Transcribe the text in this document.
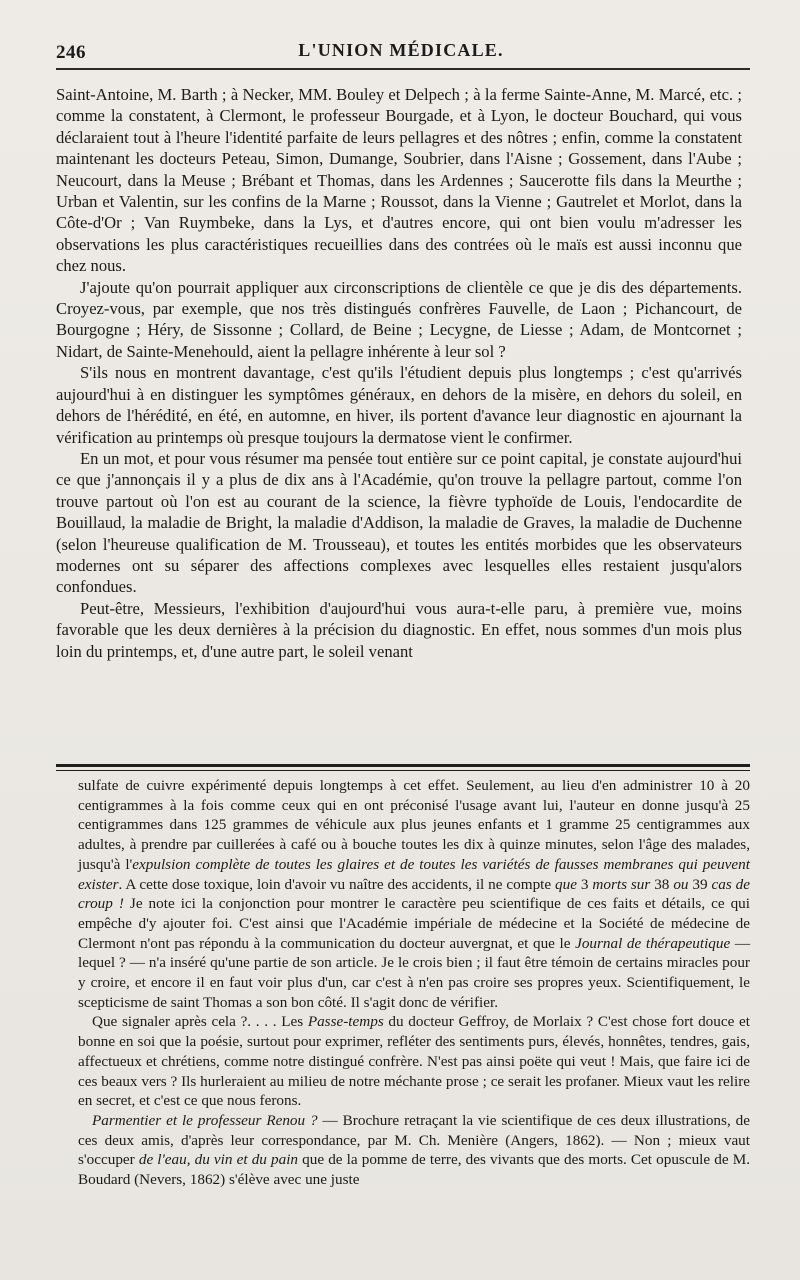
246	L'UNION MÉDICALE.

Saint-Antoine, M. Barth ; à Necker, MM. Bouley et Delpech ; à la ferme Sainte-Anne, M. Marcé, etc. ; comme la constatent, à Clermont, le professeur Bourgade, et à Lyon, le docteur Bouchard, qui vous déclaraient tout à l'heure l'identité parfaite de leurs pellagres et des nôtres ; enfin, comme la constatent maintenant les docteurs Peteau, Simon, Dumange, Soubrier, dans l'Aisne ; Gossement, dans l'Aube ; Neucourt, dans la Meuse ; Brébant et Thomas, dans les Ardennes ; Saucerotte fils dans la Meurthe ; Urban et Valentin, sur les confins de la Marne ; Roussot, dans la Vienne ; Gautrelet et Morlot, dans la Côte-d'Or ; Van Ruymbeke, dans la Lys, et d'autres encore, qui ont bien voulu m'adresser les observations les plus caractéristiques recueillies dans des contrées où le maïs est aussi inconnu que chez nous.

J'ajoute qu'on pourrait appliquer aux circonscriptions de clientèle ce que je dis des départements. Croyez-vous, par exemple, que nos très distingués confrères Fauvelle, de Laon ; Pichancourt, de Bourgogne ; Héry, de Sissonne ; Collard, de Beine ; Lecygne, de Liesse ; Adam, de Montcornet ; Nidart, de Sainte-Menehould, aient la pellagre inhérente à leur sol ?

S'ils nous en montrent davantage, c'est qu'ils l'étudient depuis plus longtemps ; c'est qu'arrivés aujourd'hui à en distinguer les symptômes généraux, en dehors de la misère, en dehors du soleil, en dehors de l'hérédité, en été, en automne, en hiver, ils portent d'avance leur diagnostic en ajournant la vérification au printemps où presque toujours la dermatose vient le confirmer.

En un mot, et pour vous résumer ma pensée tout entière sur ce point capital, je constate aujourd'hui ce que j'annonçais il y a plus de dix ans à l'Académie, qu'on trouve la pellagre partout, comme l'on trouve partout où l'on est au courant de la science, la fièvre typhoïde de Louis, l'endocardite de Bouillaud, la maladie de Bright, la maladie d'Addison, la maladie de Graves, la maladie de Duchenne (selon l'heureuse qualification de M. Trousseau), et toutes les entités morbides que les observateurs modernes ont su séparer des affections complexes avec lesquelles elles restaient jusqu'alors confondues.

Peut-être, Messieurs, l'exhibition d'aujourd'hui vous aura-t-elle paru, à première vue, moins favorable que les deux dernières à la précision du diagnostic. En effet, nous sommes d'un mois plus loin du printemps, et, d'une autre part, le soleil venant

sulfate de cuivre expérimenté depuis longtemps à cet effet. Seulement, au lieu d'en administrer 10 à 20 centigrammes à la fois comme ceux qui en ont préconisé l'usage avant lui, l'auteur en donne jusqu'à 25 centigrammes dans 125 grammes de véhicule aux plus jeunes enfants et 1 gramme 25 centigrammes aux adultes, à prendre par cuillerées à café ou à bouche toutes les dix à quinze minutes, selon l'âge des malades, jusqu'à l'expulsion complète de toutes les glaires et de toutes les variétés de fausses membranes qui peuvent exister. A cette dose toxique, loin d'avoir vu naître des accidents, il ne compte que 3 morts sur 38 ou 39 cas de croup ! Je note ici la conjonction pour montrer le caractère peu scientifique de ces faits et détails, ce qui empêche d'y ajouter foi. C'est ainsi que l'Académie impériale de médecine et la Société de médecine de Clermont n'ont pas répondu à la communication du docteur auvergnat, et que le Journal de thérapeutique — lequel ? — n'a inséré qu'une partie de son article. Je le crois bien ; il faut être témoin de certains miracles pour y croire, et encore il en faut voir plus d'un, car c'est à n'en pas croire ses propres yeux. Scientifiquement, le scepticisme de saint Thomas a son bon côté. Il s'agit donc de vérifier.

Que signaler après cela ?. . . . Les Passe-temps du docteur Geffroy, de Morlaix ? C'est chose fort douce et bonne en soi que la poésie, surtout pour exprimer, refléter des sentiments purs, élevés, honnêtes, tendres, gais, affectueux et chrétiens, comme notre distingué confrère. N'est pas ainsi poëte qui veut ! Mais, que faire ici de ces beaux vers ? Ils hurleraient au milieu de notre méchante prose ; ce serait les profaner. Mieux vaut les relire en secret, et c'est ce que nous ferons.

Parmentier et le professeur Renou ? — Brochure retraçant la vie scientifique de ces deux illustrations, de ces deux amis, d'après leur correspondance, par M. Ch. Menière (Angers, 1862). — Non ; mieux vaut s'occuper de l'eau, du vin et du pain que de la pomme de terre, des vivants que des morts. Cet opuscule de M. Boudard (Nevers, 1862) s'élève avec une juste
